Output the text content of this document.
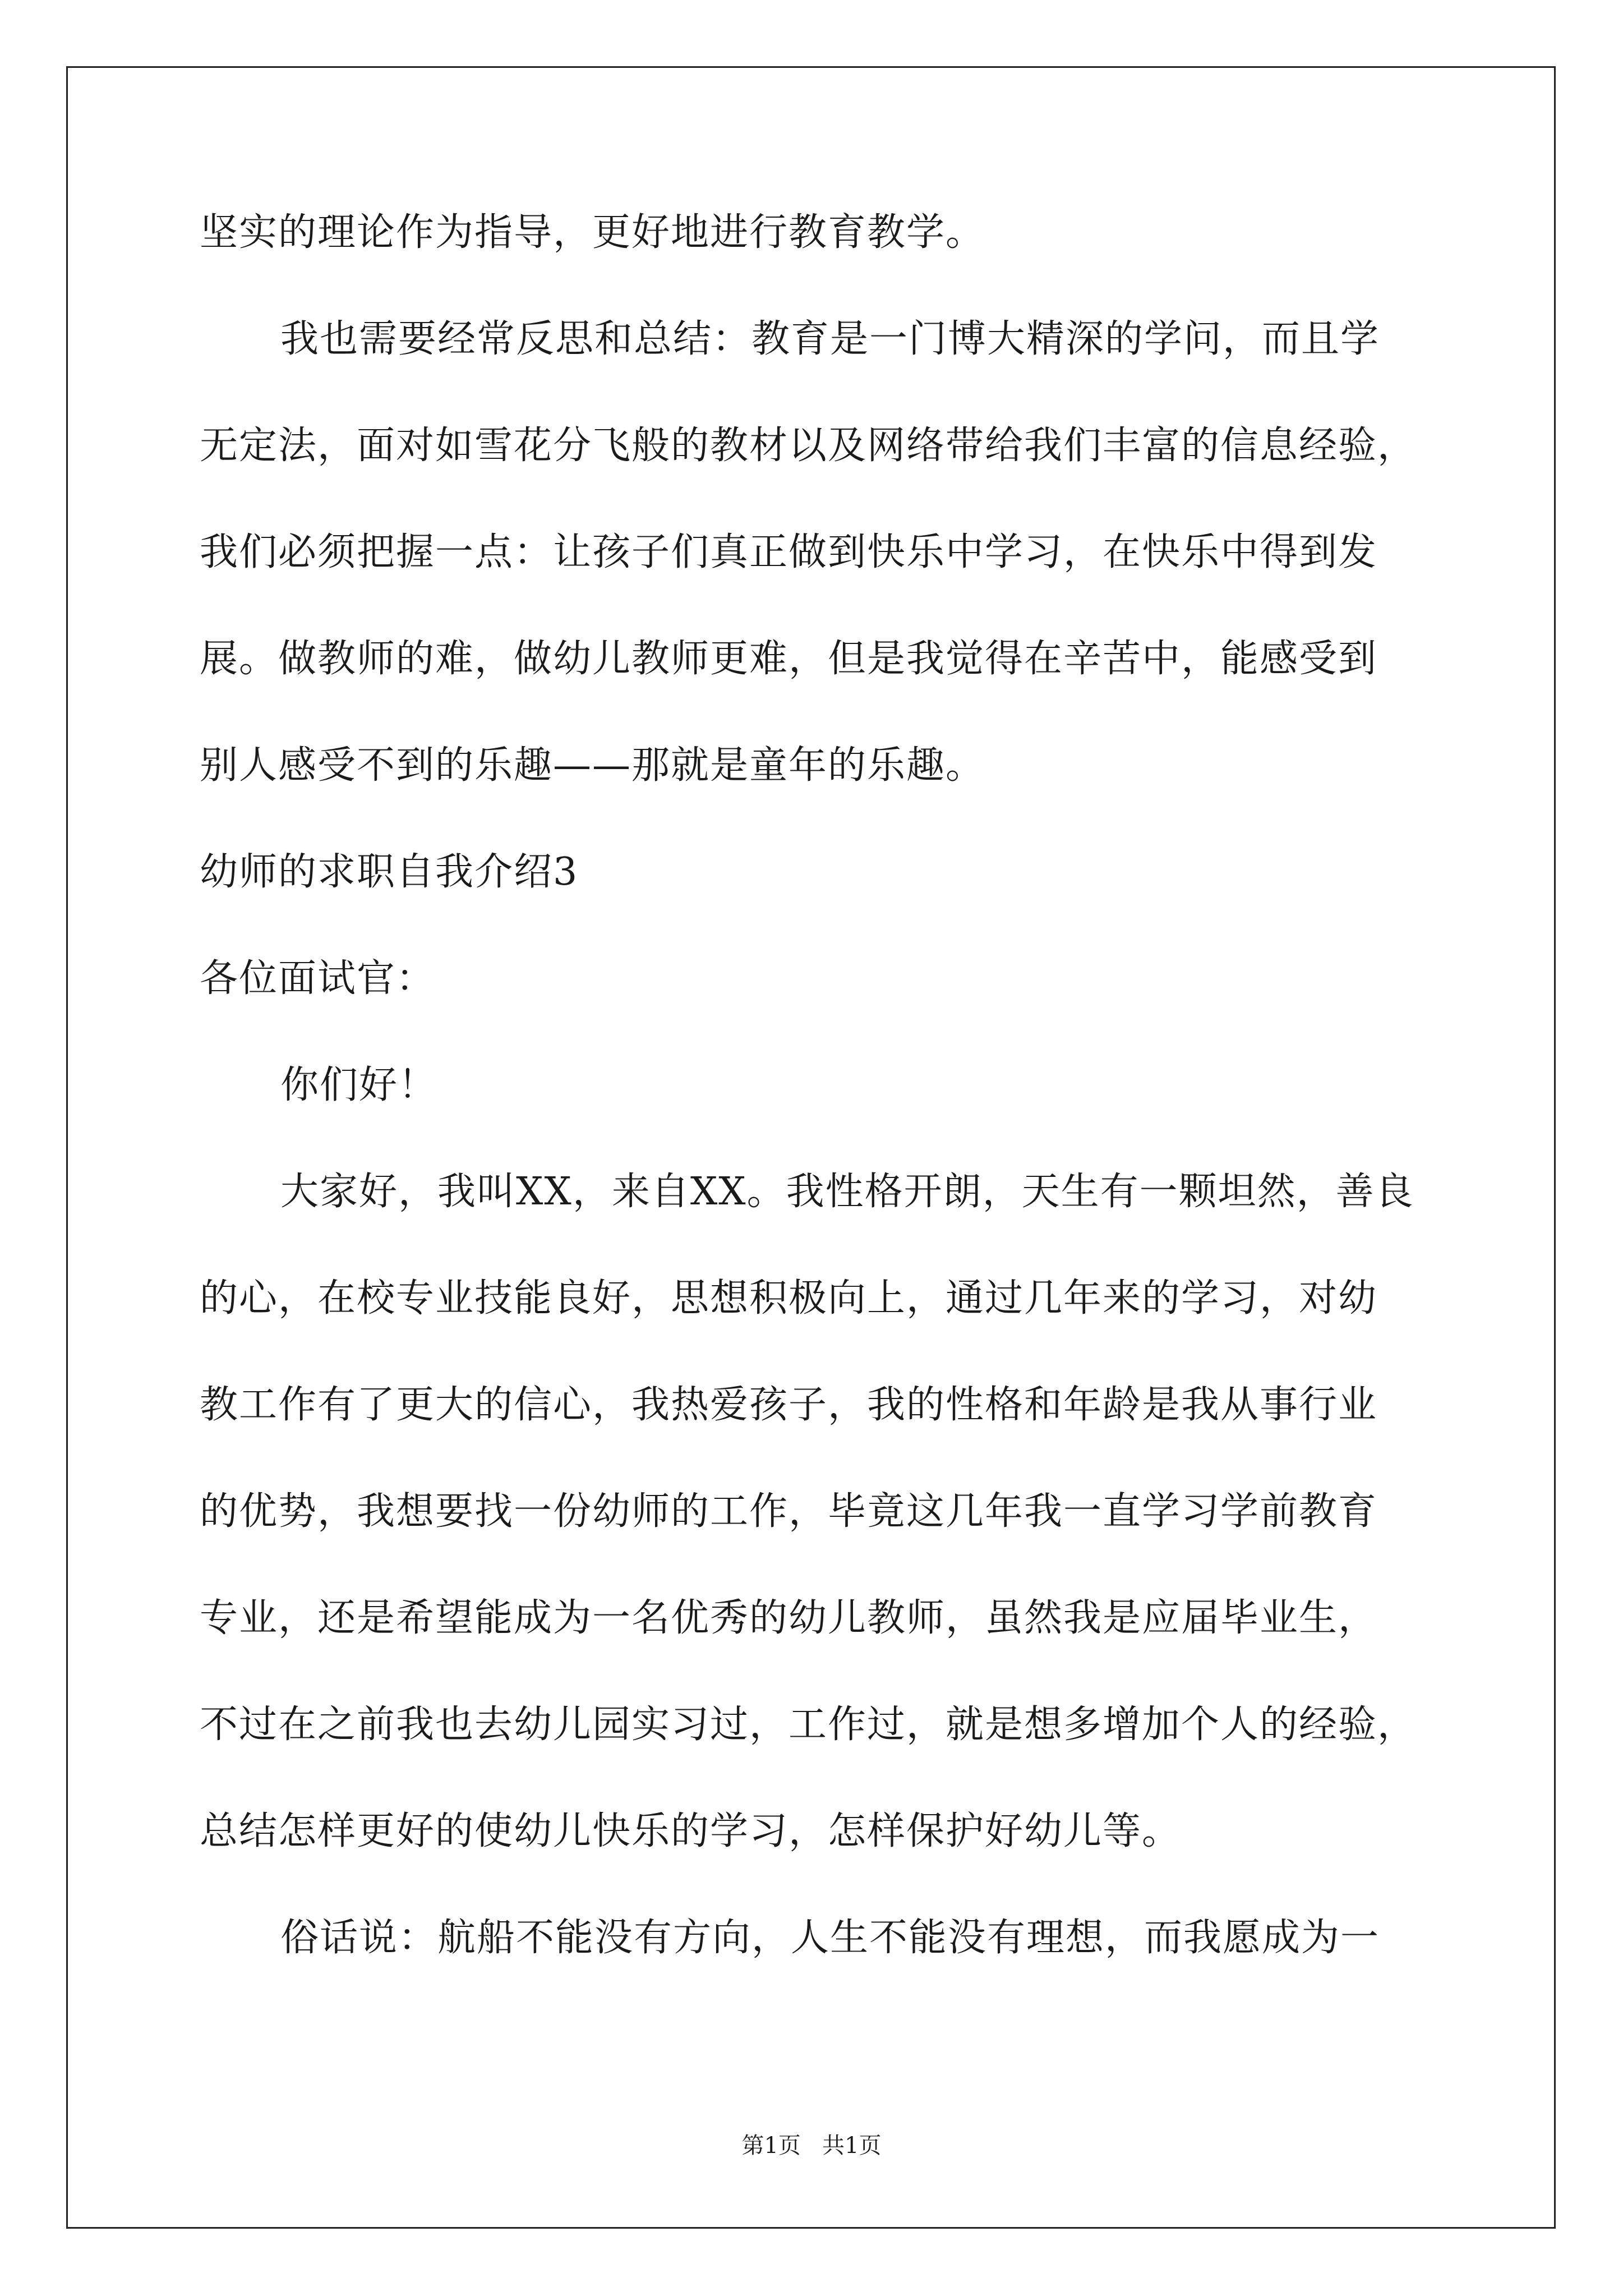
坚实的理论作为指导，更好地进行教育教学。
我也需要经常反思和总结：教育是一门博大精深的学问，而且学
无定法，面对如雪花分飞般的教材以及网络带给我们丰富的信息经验，
我们必须把握一点：让孩子们真正做到快乐中学习，在快乐中得到发
展。做教师的难，做幼儿教师更难，但是我觉得在辛苦中，能感受到
别人感受不到的乐趣——那就是童年的乐趣。
幼师的求职自我介绍3
各位面试官：
你们好！
大家好，我叫XX，来自XX。我性格开朗，天生有一颗坦然，善良
的心，在校专业技能良好，思想积极向上，通过几年来的学习，对幼
教工作有了更大的信心，我热爱孩子，我的性格和年龄是我从事行业
的优势，我想要找一份幼师的工作，毕竟这几年我一直学习学前教育
专业，还是希望能成为一名优秀的幼儿教师，虽然我是应届毕业生，
不过在之前我也去幼儿园实习过，工作过，就是想多增加个人的经验，
总结怎样更好的使幼儿快乐的学习，怎样保护好幼儿等。
俗话说：航船不能没有方向，人生不能没有理想，而我愿成为一
第1页   共1页
